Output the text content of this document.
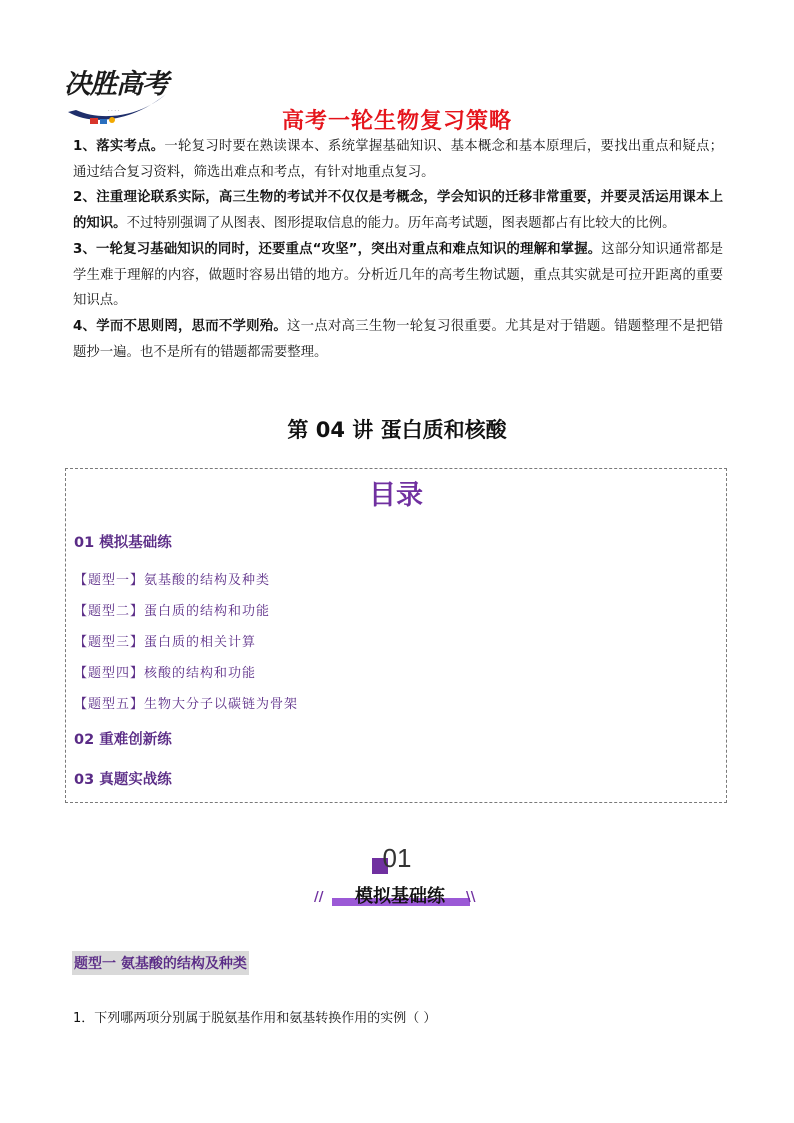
决胜高考
· · · ·	高考一轮生物复习策略

1、落实考点。一轮复习时要在熟读课本、系统掌握基础知识、基本概念和基本原理后，要找出重点和疑点；通过结合复习资料，筛选出难点和考点，有针对地重点复习。

2、注重理论联系实际，高三生物的考试并不仅仅是考概念，学会知识的迁移非常重要，并要灵活运用课本上的知识。不过特别强调了从图表、图形提取信息的能力。历年高考试题，图表题都占有比较大的比例。

3、一轮复习基础知识的同时，还要重点“攻坚”，突出对重点和难点知识的理解和掌握。这部分知识通常都是学生难于理解的内容，做题时容易出错的地方。分析近几年的高考生物试题，重点其实就是可拉开距离的重要知识点。

4、学而不思则罔，思而不学则殆。这一点对高三生物一轮复习很重要。尤其是对于错题。错题整理不是把错题抄一遍。也不是所有的错题都需要整理。

第 04 讲 蛋白质和核酸
目录
01 模拟基础练
【题型一】氨基酸的结构及种类
【题型二】蛋白质的结构和功能
【题型三】蛋白质的相关计算
【题型四】核酸的结构和功能
【题型五】生物大分子以碳链为骨架
02 重难创新练
03 真题实战练
01
//	\\
模拟基础练
题型一 氨基酸的结构及种类
1．下列哪两项分别属于脱氨基作用和氨基转换作用的实例（ ）
